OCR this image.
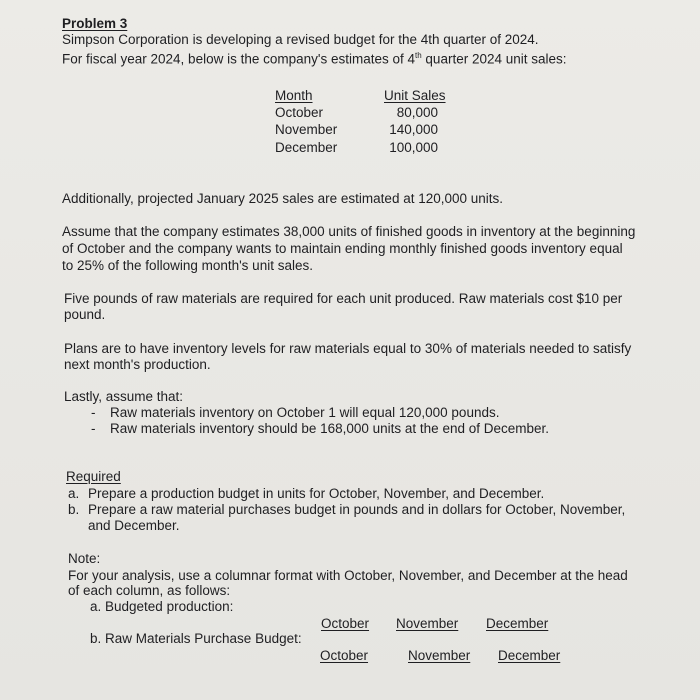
Problem 3
Simpson Corporation is developing a revised budget for the 4th quarter of 2024.
For fiscal year 2024, below is the company's estimates of 4th quarter 2024 unit sales:
Month	Unit Sales
October	80,000
November	140,000
December	100,000
Additionally, projected January 2025 sales are estimated at 120,000 units.
Assume that the company estimates 38,000 units of finished goods in inventory at the beginning
of October and the company wants to maintain ending monthly finished goods inventory equal
to 25% of the following month's unit sales.
Five pounds of raw materials are required for each unit produced. Raw materials cost $10 per
pound.
Plans are to have inventory levels for raw materials equal to 30% of materials needed to satisfy
next month's production.
Lastly, assume that:
- Raw materials inventory on October 1 will equal 120,000 pounds.
- Raw materials inventory should be 168,000 units at the end of December.
Required
a. Prepare a production budget in units for October, November, and December.
b. Prepare a raw material purchases budget in pounds and in dollars for October, November,
and December.
Note:
For your analysis, use a columnar format with October, November, and December at the head
of each column, as follows:
a. Budgeted production:
October November December
b. Raw Materials Purchase Budget:
October	November December
